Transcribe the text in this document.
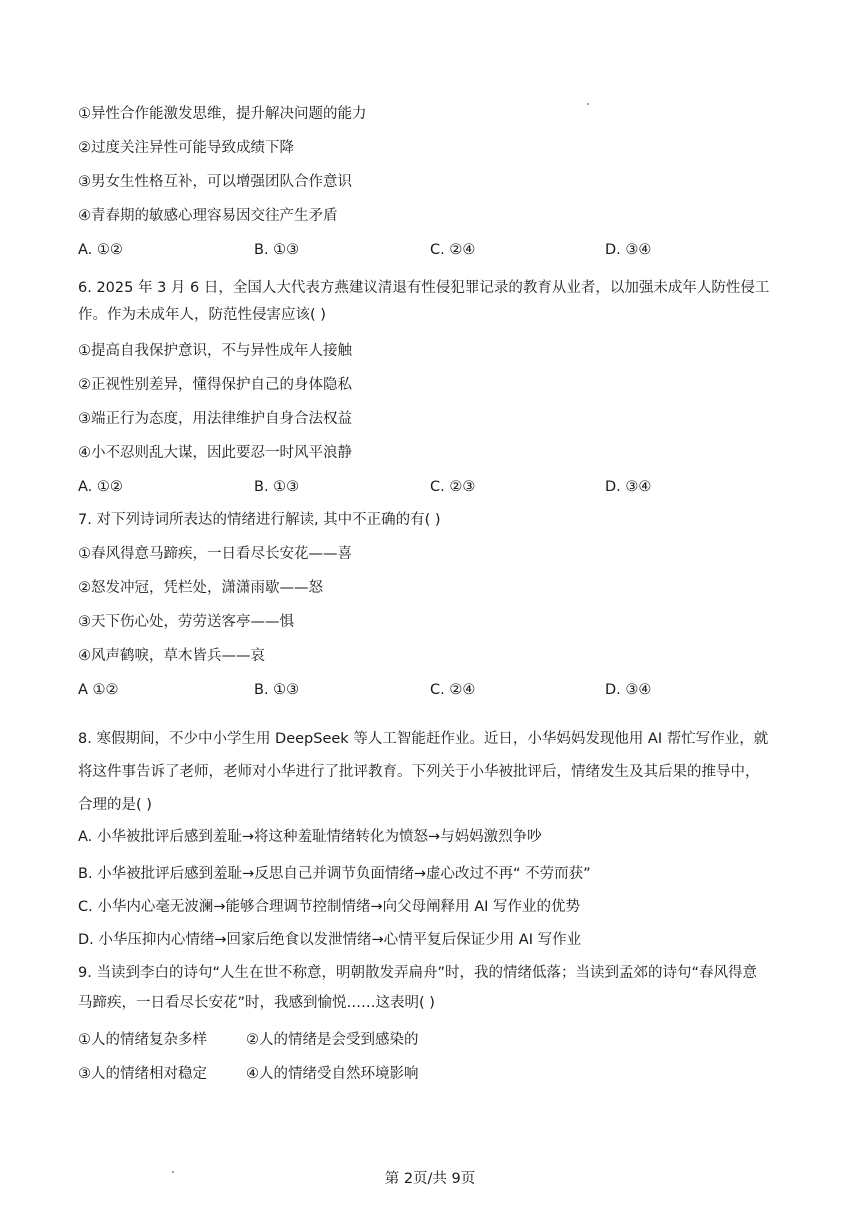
①异性合作能激发思维，提升解决问题的能力
②过度关注异性可能导致成绩下降
③男女生性格互补，可以增强团队合作意识
④青春期的敏感心理容易因交往产生矛盾
A. ①②	B. ①③	C. ②④	D. ③④
6. 2025 年 3 月 6 日，全国人大代表方燕建议清退有性侵犯罪记录的教育从业者，以加强未成年人防性侵工
作。作为未成年人，防范性侵害应该( )
①提高自我保护意识，不与异性成年人接触
②正视性别差异，懂得保护自己的身体隐私
③端正行为态度，用法律维护自身合法权益
④小不忍则乱大谋，因此要忍一时风平浪静
A. ①②	B. ①③	C. ②③	D. ③④
7. 对下列诗词所表达的情绪进行解读, 其中不正确的有( )
①春风得意马蹄疾，一日看尽长安花——喜
②怒发冲冠，凭栏处，潇潇雨歇——怒
③天下伤心处，劳劳送客亭——惧
④风声鹤唳，草木皆兵——哀
A ①②	B. ①③	C. ②④	D. ③④
8. 寒假期间，不少中小学生用 DeepSeek 等人工智能赶作业。近日，小华妈妈发现他用 AI 帮忙写作业，就
将这件事告诉了老师，老师对小华进行了批评教育。下列关于小华被批评后，情绪发生及其后果的推导中，
合理的是( )
A. 小华被批评后感到羞耻→将这种羞耻情绪转化为愤怒→与妈妈激烈争吵
B. 小华被批评后感到羞耻→反思自己并调节负面情绪→虚心改过不再“ 不劳而获”
C. 小华内心毫无波澜→能够合理调节控制情绪→向父母阐释用 AI 写作业的优势
D. 小华压抑内心情绪→回家后绝食以发泄情绪→心情平复后保证少用 AI 写作业
9. 当读到李白的诗句“人生在世不称意，明朝散发弄扁舟”时，我的情绪低落；当读到孟郊的诗句“春风得意
马蹄疾，一日看尽长安花”时，我感到愉悦……这表明( )
①人的情绪复杂多样	②人的情绪是会受到感染的
③人的情绪相对稳定	④人的情绪受自然环境影响
第 2页/共 9页
